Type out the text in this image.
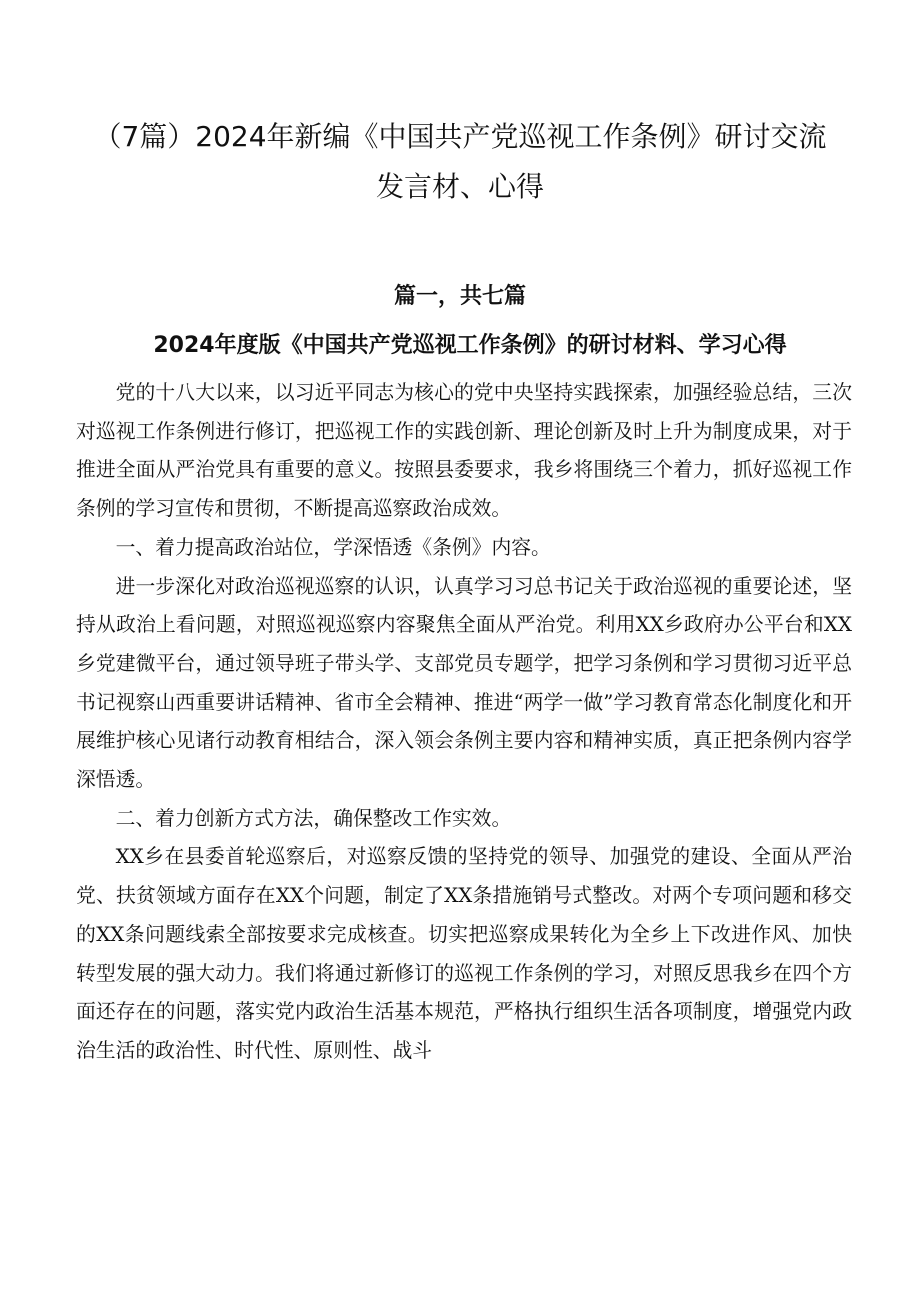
（7篇）2024年新编《中国共产党巡视工作条例》研讨交流发言材、心得
篇一，共七篇
2024年度版《中国共产党巡视工作条例》的研讨材料、学习心得

党的十八大以来，以习近平同志为核心的党中央坚持实践探索，加强经验总结，三次对巡视工作条例进行修订，把巡视工作的实践创新、理论创新及时上升为制度成果，对于推进全面从严治党具有重要的意义。按照县委要求，我乡将围绕三个着力，抓好巡视工作条例的学习宣传和贯彻，不断提高巡察政治成效。

一、着力提高政治站位，学深悟透《条例》内容。

进一步深化对政治巡视巡察的认识，认真学习习总书记关于政治巡视的重要论述，坚持从政治上看问题，对照巡视巡察内容聚焦全面从严治党。利用XX乡政府办公平台和XX乡党建微平台，通过领导班子带头学、支部党员专题学，把学习条例和学习贯彻习近平总书记视察山西重要讲话精神、省市全会精神、推进“两学一做”学习教育常态化制度化和开展维护核心见诸行动教育相结合，深入领会条例主要内容和精神实质，真正把条例内容学深悟透。

二、着力创新方式方法，确保整改工作实效。

XX乡在县委首轮巡察后，对巡察反馈的坚持党的领导、加强党的建设、全面从严治党、扶贫领域方面存在XX个问题，制定了XX条措施销号式整改。对两个专项问题和移交的XX条问题线索全部按要求完成核查。切实把巡察成果转化为全乡上下改进作风、加快转型发展的强大动力。我们将通过新修订的巡视工作条例的学习，对照反思我乡在四个方面还存在的问题，落实党内政治生活基本规范，严格执行组织生活各项制度，增强党内政治生活的政治性、时代性、原则性、战斗
